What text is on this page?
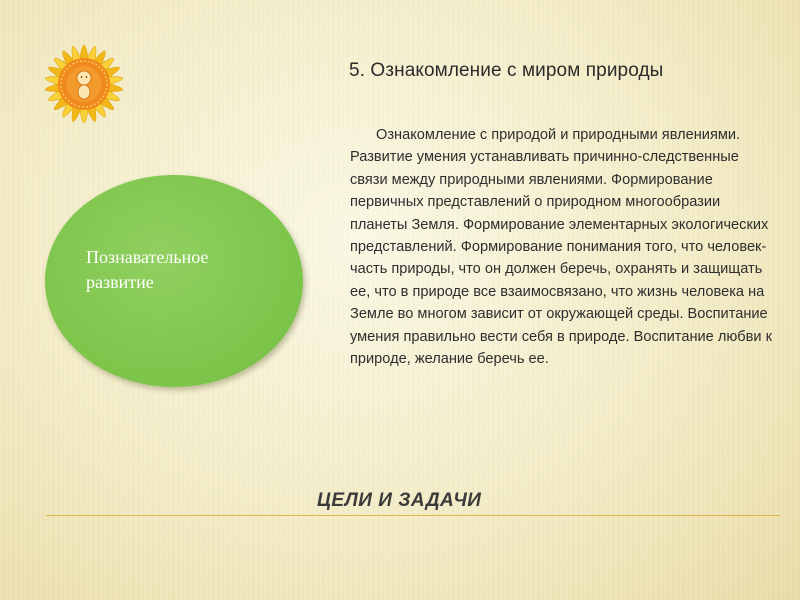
5. Ознакомление с миром природы

Ознакомление с природой и природными явлениями. Развитие умения устанавливать причинно-следственные связи между природными явлениями. Формирование первичных представлений о природном многообразии планеты Земля. Формирование элементарных экологических представлений. Формирование понимания того, что человек- часть природы, что он должен беречь, охранять и защищать ее, что в природе все взаимосвязано, что жизнь человека на Земле во многом зависит от окружающей среды. Воспитание умения правильно вести себя в природе. Воспитание любви к природе, желание беречь ее.

Познавательное
развитие
ЦЕЛИ И ЗАДАЧИ
